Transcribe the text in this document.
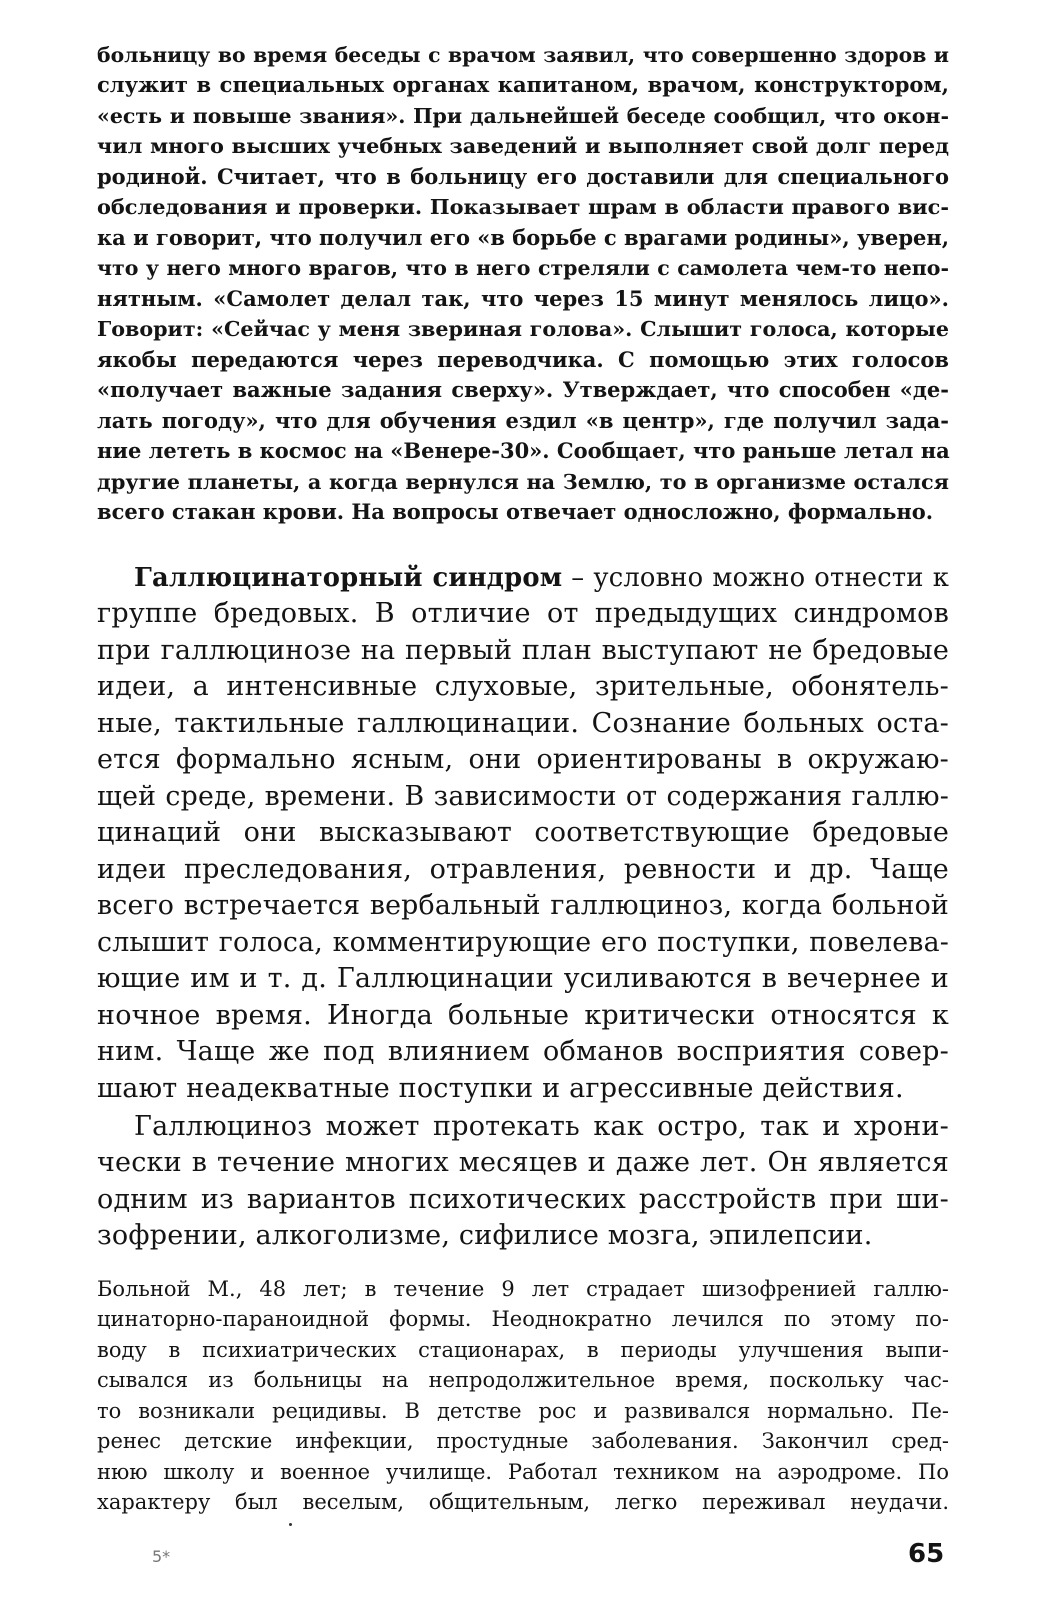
больницу во время беседы с врачом заявил, что совершенно здоров и

служит в специальных органах капитаном, врачом, конструктором,

«есть и повыше звания». При дальнейшей беседе сообщил, что окон-

чил много высших учебных заведений и выполняет свой долг перед

родиной. Считает, что в больницу его доставили для специального

обследования и проверки. Показывает шрам в области правого вис-

ка и говорит, что получил его «в борьбе с врагами родины», уверен,

что у него много врагов, что в него стреляли с самолета чем-то непо-

нятным. «Самолет делал так, что через 15 минут менялось лицо».

Говорит: «Сейчас у меня звериная голова». Слышит голоса, которые

якобы передаются через переводчика. С помощью этих голосов

«получает важные задания сверху». Утверждает, что способен «де-

лать погоду», что для обучения ездил «в центр», где получил зада-

ние лететь в космос на «Венере-30». Сообщает, что раньше летал на

другие планеты, а когда вернулся на Землю, то в организме остался

всего стакан крови. На вопросы отвечает односложно, формально.

Галлюцинаторный синдром – условно можно отнести к

группе бредовых. В отличие от предыдущих синдромов

при галлюцинозе на первый план выступают не бредовые

идеи, а интенсивные слуховые, зрительные, обонятель-

ные, тактильные галлюцинации. Сознание больных оста-

ется формально ясным, они ориентированы в окружаю-

щей среде, времени. В зависимости от содержания галлю-

цинаций они высказывают соответствующие бредовые

идеи преследования, отравления, ревности и др. Чаще

всего встречается вербальный галлюциноз, когда больной

слышит голоса, комментирующие его поступки, повелева-

ющие им и т. д. Галлюцинации усиливаются в вечернее и

ночное время. Иногда больные критически относятся к

ним. Чаще же под влиянием обманов восприятия совер-

шают неадекватные поступки и агрессивные действия.

Галлюциноз может протекать как остро, так и хрони-

чески в течение многих месяцев и даже лет. Он является

одним из вариантов психотических расстройств при ши-

зофрении, алкоголизме, сифилисе мозга, эпилепсии.

Больной М., 48 лет; в течение 9 лет страдает шизофренией галлю-

цинаторно-параноидной формы. Неоднократно лечился по этому по-

воду в психиатрических стационарах, в периоды улучшения выпи-

сывался из больницы на непродолжительное время, поскольку час-

то возникали рецидивы. В детстве рос и развивался нормально. Пе-

ренес детские инфекции, простудные заболевания. Закончил сред-

нюю школу и военное училище. Работал техником на аэродроме. По

характеру был веселым, общительным, легко переживал неудачи.

5*	65
